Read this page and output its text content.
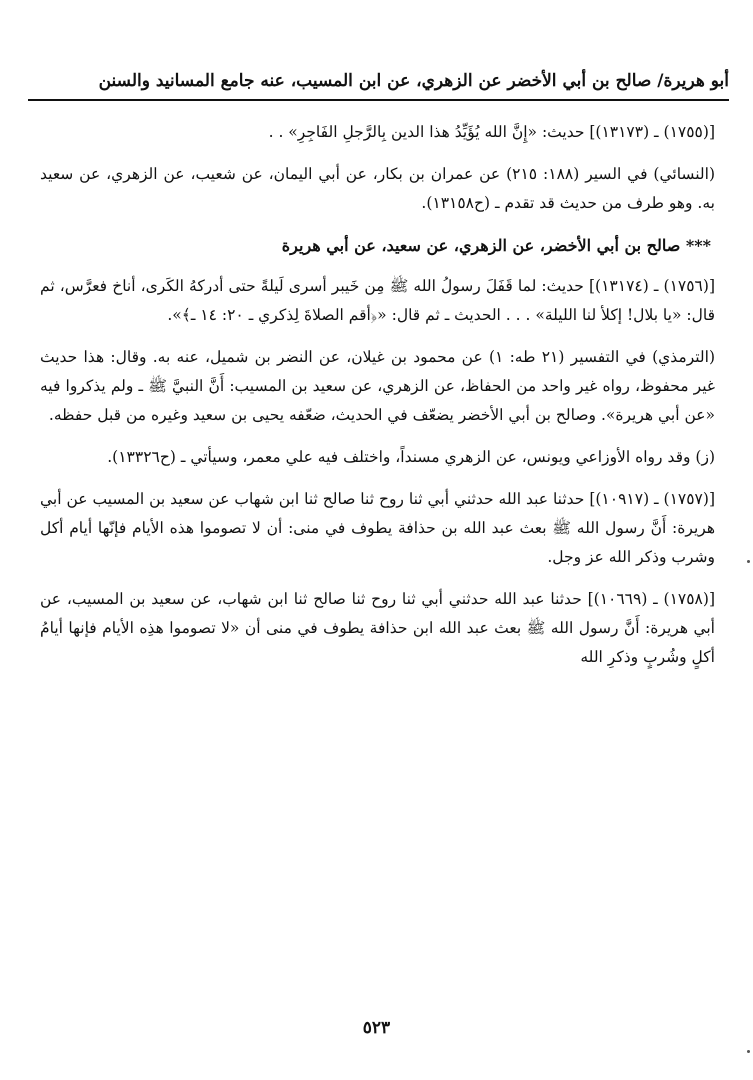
أبو هريرة/ صالح بن أبي الأخضر عن الزهري، عن ابن المسيب، عنه جامع المسانيد والسنن

[(١٧٥٥) ـ (١٣١٧٣)] حديث: «إِنَّ الله يُؤَيِّدُ هذا الدين بِالرَّجلِ الفَاجِرِ» . .

(النسائي) في السير (١٨٨: ٢١٥) عن عمران بن بكار، عن أبي اليمان، عن شعيب، عن الزهري، عن سعيد به. وهو طرف من حديث قد تقدم ـ (ح١٣١٥٨).

*** صالح بن أبي الأخضر، عن الزهري، عن سعيد، عن أبي هريرة

[(١٧٥٦) ـ (١٣١٧٤)] حديث: لما قَفَلَ رسولُ الله ﷺ مِن خَيبر أسرى لَيلةً حتى أدركهُ الكَرى، أناخ فعرَّس، ثم قال: «يا بلال! إكلأ لنا الليلة» . . . الحديث ـ ثم قال: «﴿أقم الصلاةَ لِذكري ـ ٢٠: ١٤ ـ﴾».

(الترمذي) في التفسير (٢١ طه: ١) عن محمود بن غيلان، عن النضر بن شميل، عنه به. وقال: هذا حديث غير محفوظ، رواه غير واحد من الحفاظ، عن الزهري، عن سعيد بن المسيب: أَنَّ النبيَّ ﷺ ـ ولم يذكروا فيه «عن أبي هريرة». وصالح بن أبي الأخضر يضعّف في الحديث، ضعّفه يحيى بن سعيد وغيره من قبل حفظه.

(ز) وقد رواه الأوزاعي ويونس، عن الزهري مسنداً، واختلف فيه علي معمر، وسيأتي ـ (ح١٣٣٢٦).

[(١٧٥٧) ـ (١٠٩١٧)] حدثنا عبد الله حدثني أبي ثنا روح ثنا صالح ثنا ابن شهاب عن سعيد بن المسيب عن أبي هريرة: أَنَّ رسول الله ﷺ بعث عبد الله بن حذافة يطوف في منى: أن لا تصوموا هذه الأيام فإنّها أيام أكل وشرب وذكر الله عز وجل.

[(١٧٥٨) ـ (١٠٦٦٩)] حدثنا عبد الله حدثني أبي ثنا روح ثنا صالح ثنا ابن شهاب، عن سعيد بن المسيب، عن أبي هريرة: أَنَّ رسول الله ﷺ بعث عبد الله ابن حذافة يطوف في منى أن «لا تصوموا هذِه الأيام فإنها أيامُ أكلٍ وشُربٍ وذكرِ الله

٥٢٣
